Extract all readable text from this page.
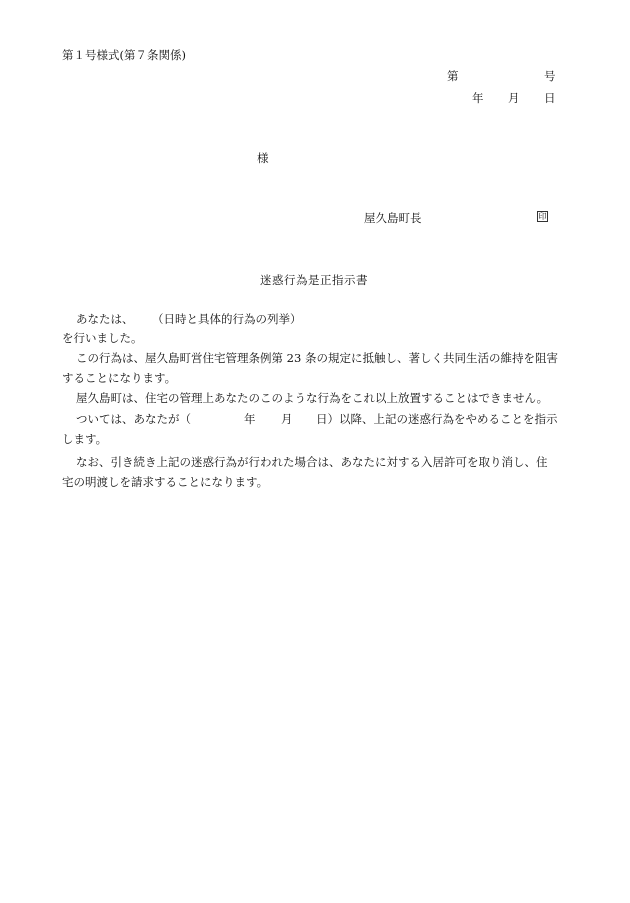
第１号様式(第７条関係)
第	号
年 月 日
様
屋久島町長	印
迷惑行為是正指示書
あなたは、 （日時と具体的行為の列挙）
を行いました。
この行為は、屋久島町営住宅管理条例第 23 条の規定に抵触し、著しく共同生活の維持を阻害
することになります。
屋久島町は、住宅の管理上あなたのこのような行為をこれ以上放置することはできません。
ついては、あなたが（	年 月 日）以降、上記の迷惑行為をやめることを指示
します。
なお、引き続き上記の迷惑行為が行われた場合は、あなたに対する入居許可を取り消し、住
宅の明渡しを請求することになります。
